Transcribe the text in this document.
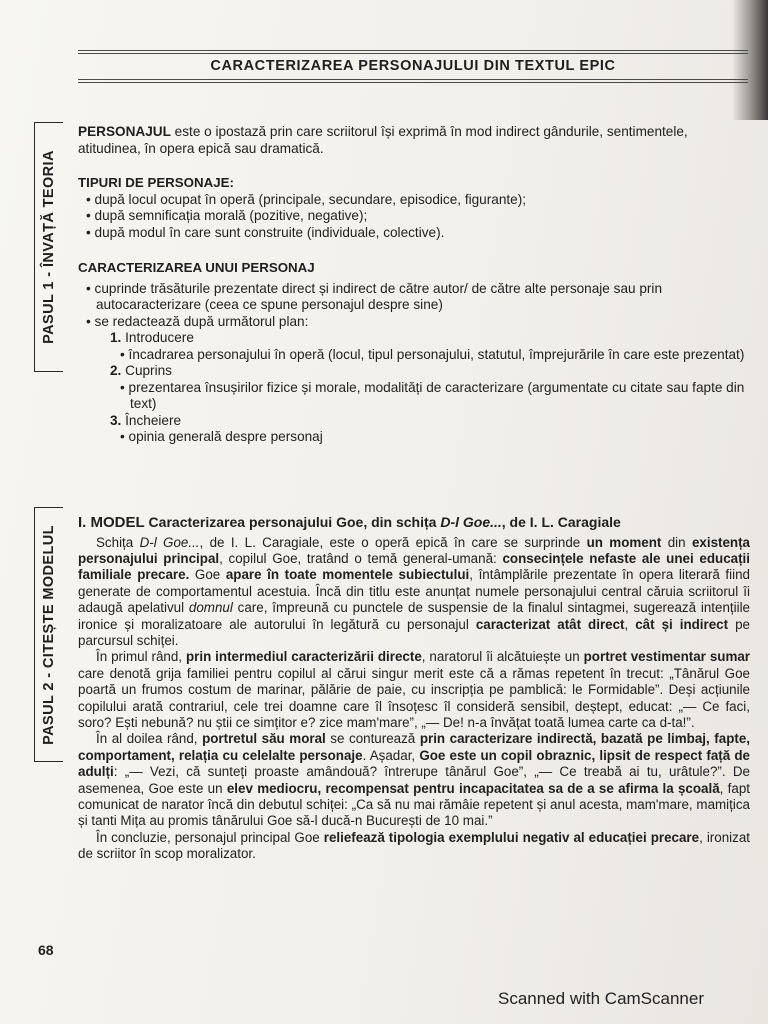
CARACTERIZAREA PERSONAJULUI DIN TEXTUL EPIC
PASUL 1 - ÎNVAȚĂ TEORIA
PASUL 2 - CITEȘTE MODELUL

PERSONAJUL este o ipostază prin care scriitorul își exprimă în mod indirect gândurile, sentimentele, atitudinea, în opera epică sau dramatică.

TIPURI DE PERSONAJE:

• după locul ocupat în operă (principale, secundare, episodice, figurante);

• după semnificația morală (pozitive, negative);

• după modul în care sunt construite (individuale, colective).

CARACTERIZAREA UNUI PERSONAJ

• cuprinde trăsăturile prezentate direct și indirect de către autor/ de către alte personaje sau prin autocaracterizare (ceea ce spune personajul despre sine)

• se redactează după următorul plan:

1. Introducere

• încadrarea personajului în operă (locul, tipul personajului, statutul, împrejurările în care este prezentat)

2. Cuprins

• prezentarea însușirilor fizice și morale, modalități de caracterizare (argumentate cu citate sau fapte din text)

3. Încheiere

• opinia generală despre personaj

I. MODEL Caracterizarea personajului Goe, din schița D-l Goe..., de I. L. Caragiale

Schița D-l Goe..., de I. L. Caragiale, este o operă epică în care se surprinde un moment din existența personajului principal, copilul Goe, tratând o temă general-umană: consecințele nefaste ale unei educații familiale precare. Goe apare în toate momentele subiectului, întâmplările prezentate în opera literară fiind generate de comportamentul acestuia. Încă din titlu este anunțat numele personajului central căruia scriitorul îi adaugă apelativul domnul care, împreună cu punctele de suspensie de la finalul sintagmei, sugerează intențiile ironice și moralizatoare ale autorului în legătură cu personajul caracterizat atât direct, cât și indirect pe parcursul schiței.

În primul rând, prin intermediul caracterizării directe, naratorul îi alcătuiește un portret vestimentar sumar care denotă grija familiei pentru copilul al cărui singur merit este că a rămas repetent în trecut: „Tânărul Goe poartă un frumos costum de marinar, pălărie de paie, cu inscripția pe pamblică: le Formidable”. Deși acțiunile copilului arată contrariul, cele trei doamne care îl însoțesc îl consideră sensibil, deștept, educat: „— Ce faci, soro? Ești nebună? nu știi ce simțitor e? zice mam'mare”, „— De! n-a învățat toată lumea carte ca d-ta!”.

În al doilea rând, portretul său moral se conturează prin caracterizare indirectă, bazată pe limbaj, fapte, comportament, relația cu celelalte personaje. Așadar, Goe este un copil obraznic, lipsit de respect față de adulți: „— Vezi, că sunteți proaste amândouă? întrerupe tânărul Goe”, „— Ce treabă ai tu, urâtule?”. De asemenea, Goe este un elev mediocru, recompensat pentru incapacitatea sa de a se afirma la școală, fapt comunicat de narator încă din debutul schiței: „Ca să nu mai rămâie repetent și anul acesta, mam'mare, mamițica și tanti Mița au promis tânărului Goe să-l ducă-n București de 10 mai.”

În concluzie, personajul principal Goe reliefează tipologia exemplului negativ al educației precare, ironizat de scriitor în scop moralizator.

68
Scanned with CamScanner
